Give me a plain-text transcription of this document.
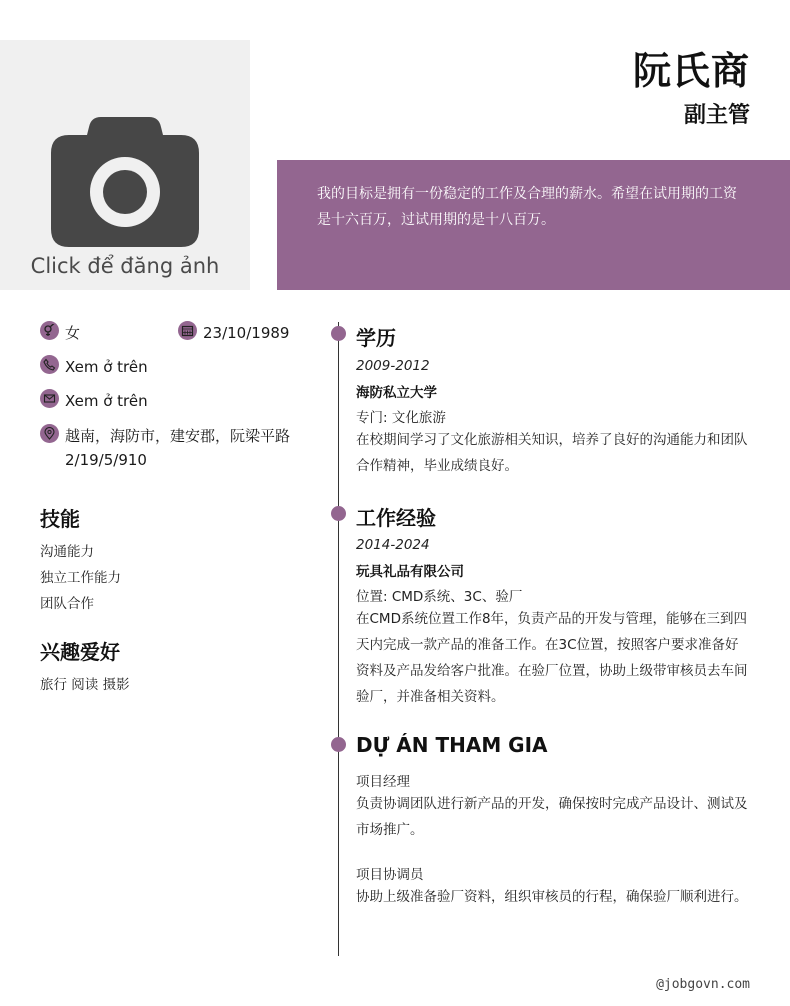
Click để đăng ảnh
阮氏商
副主管
我的目标是拥有一份稳定的工作及合理的薪水。希望在试用期的工资是十六百万，过试用期的是十八百万。
女	23/10/1989
Xem ở trên
Xem ở trên
越南，海防市，建安郡，阮梁平路
2/19/5/910
技能
沟通能力
独立工作能力
团队合作
兴趣爱好
旅行 阅读 摄影
学历
2009-2012
海防私立大学
专门: 文化旅游
在校期间学习了文化旅游相关知识，培养了良好的沟通能力和团队合作精神，毕业成绩良好。
工作经验
2014-2024
玩具礼品有限公司
位置: CMD系统、3C、验厂
在CMD系统位置工作8年，负责产品的开发与管理，能够在三到四天内完成一款产品的准备工作。在3C位置，按照客户要求准备好资料及产品发给客户批准。在验厂位置，协助上级带审核员去车间验厂，并准备相关资料。
DỰ ÁN THAM GIA
项目经理
负责协调团队进行新产品的开发，确保按时完成产品设计、测试及市场推广。
项目协调员
协助上级准备验厂资料，组织审核员的行程，确保验厂顺利进行。
@jobgovn.com
